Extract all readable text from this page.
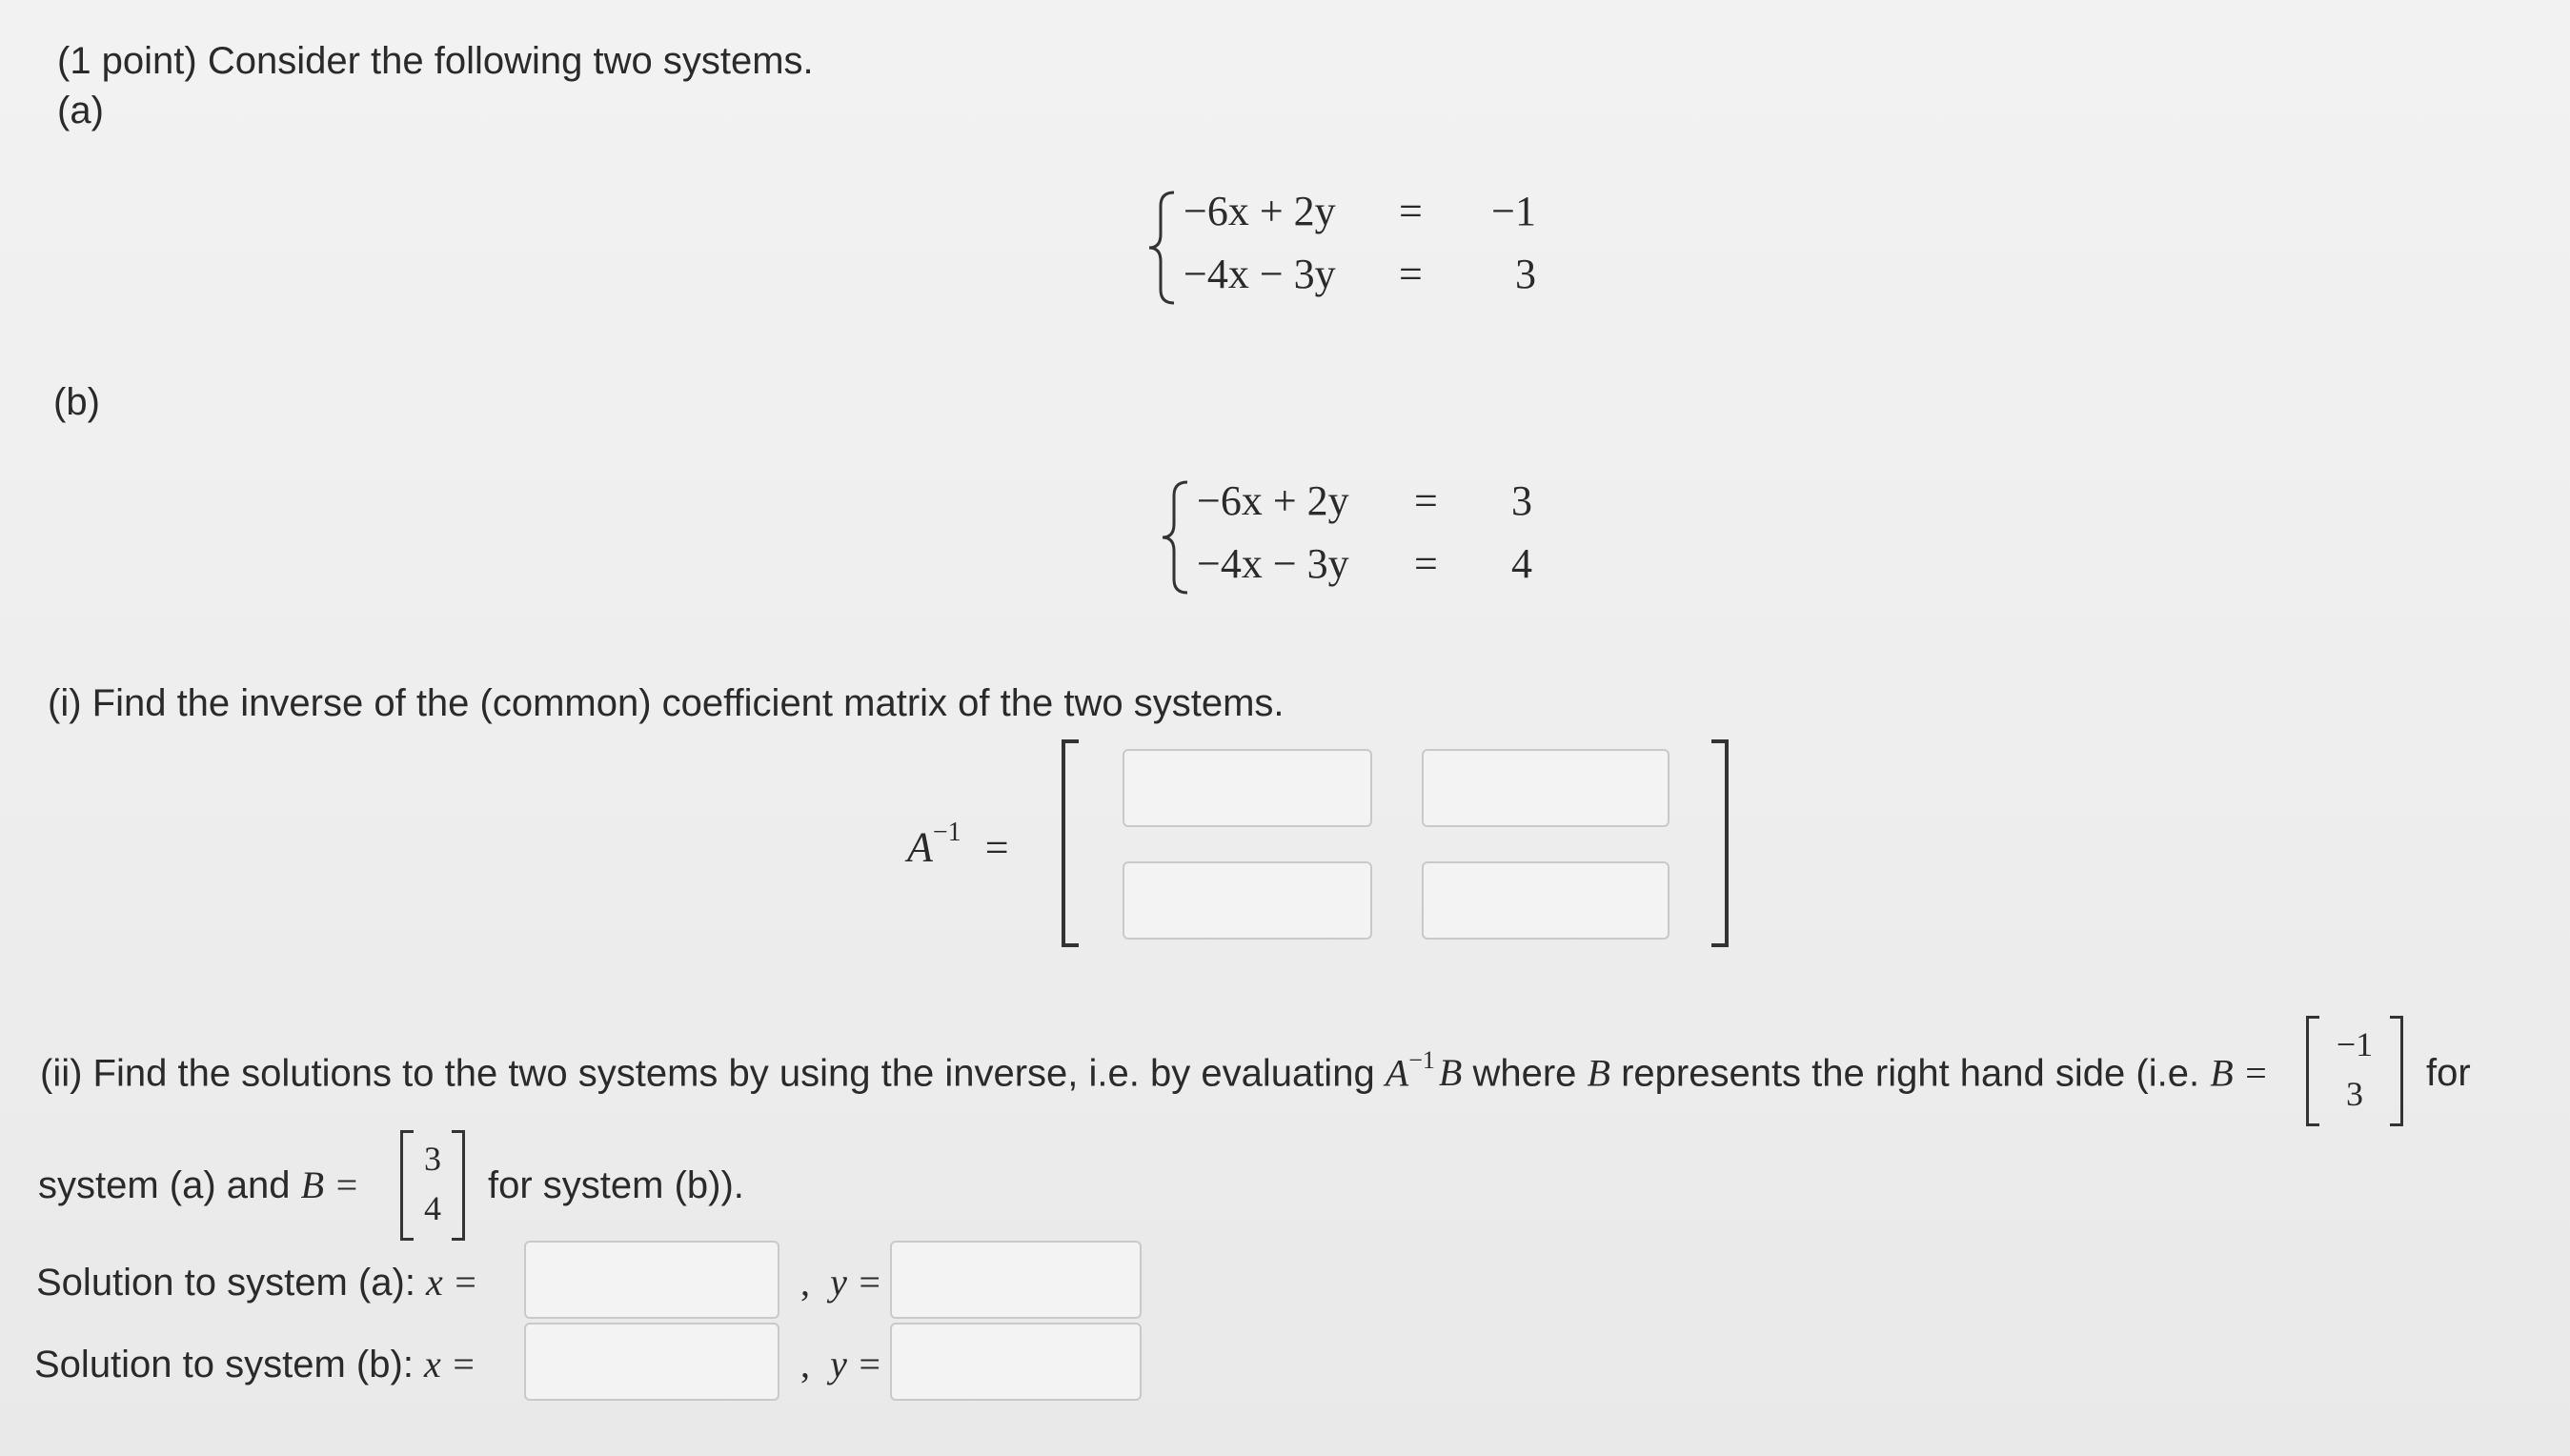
(1 point) Consider the following two systems.
(a)
−6x + 2y =	−1
−4x − 3y =	3
(b)
−6x + 2y =	3
−4x − 3y =	4
(i) Find the inverse of the (common) coefficient matrix of the two systems.
$A^{-1}$ =
(ii) Find the solutions to the two systems by using the inverse, i.e. by evaluating $A^{-1}$ B where B represents the right hand side (i.e. B =
−1
3	for
system (a) and B =
3
4
for system (b)).
Solution to system (a): x =	, y =
Solution to system (b): x =	, y =
